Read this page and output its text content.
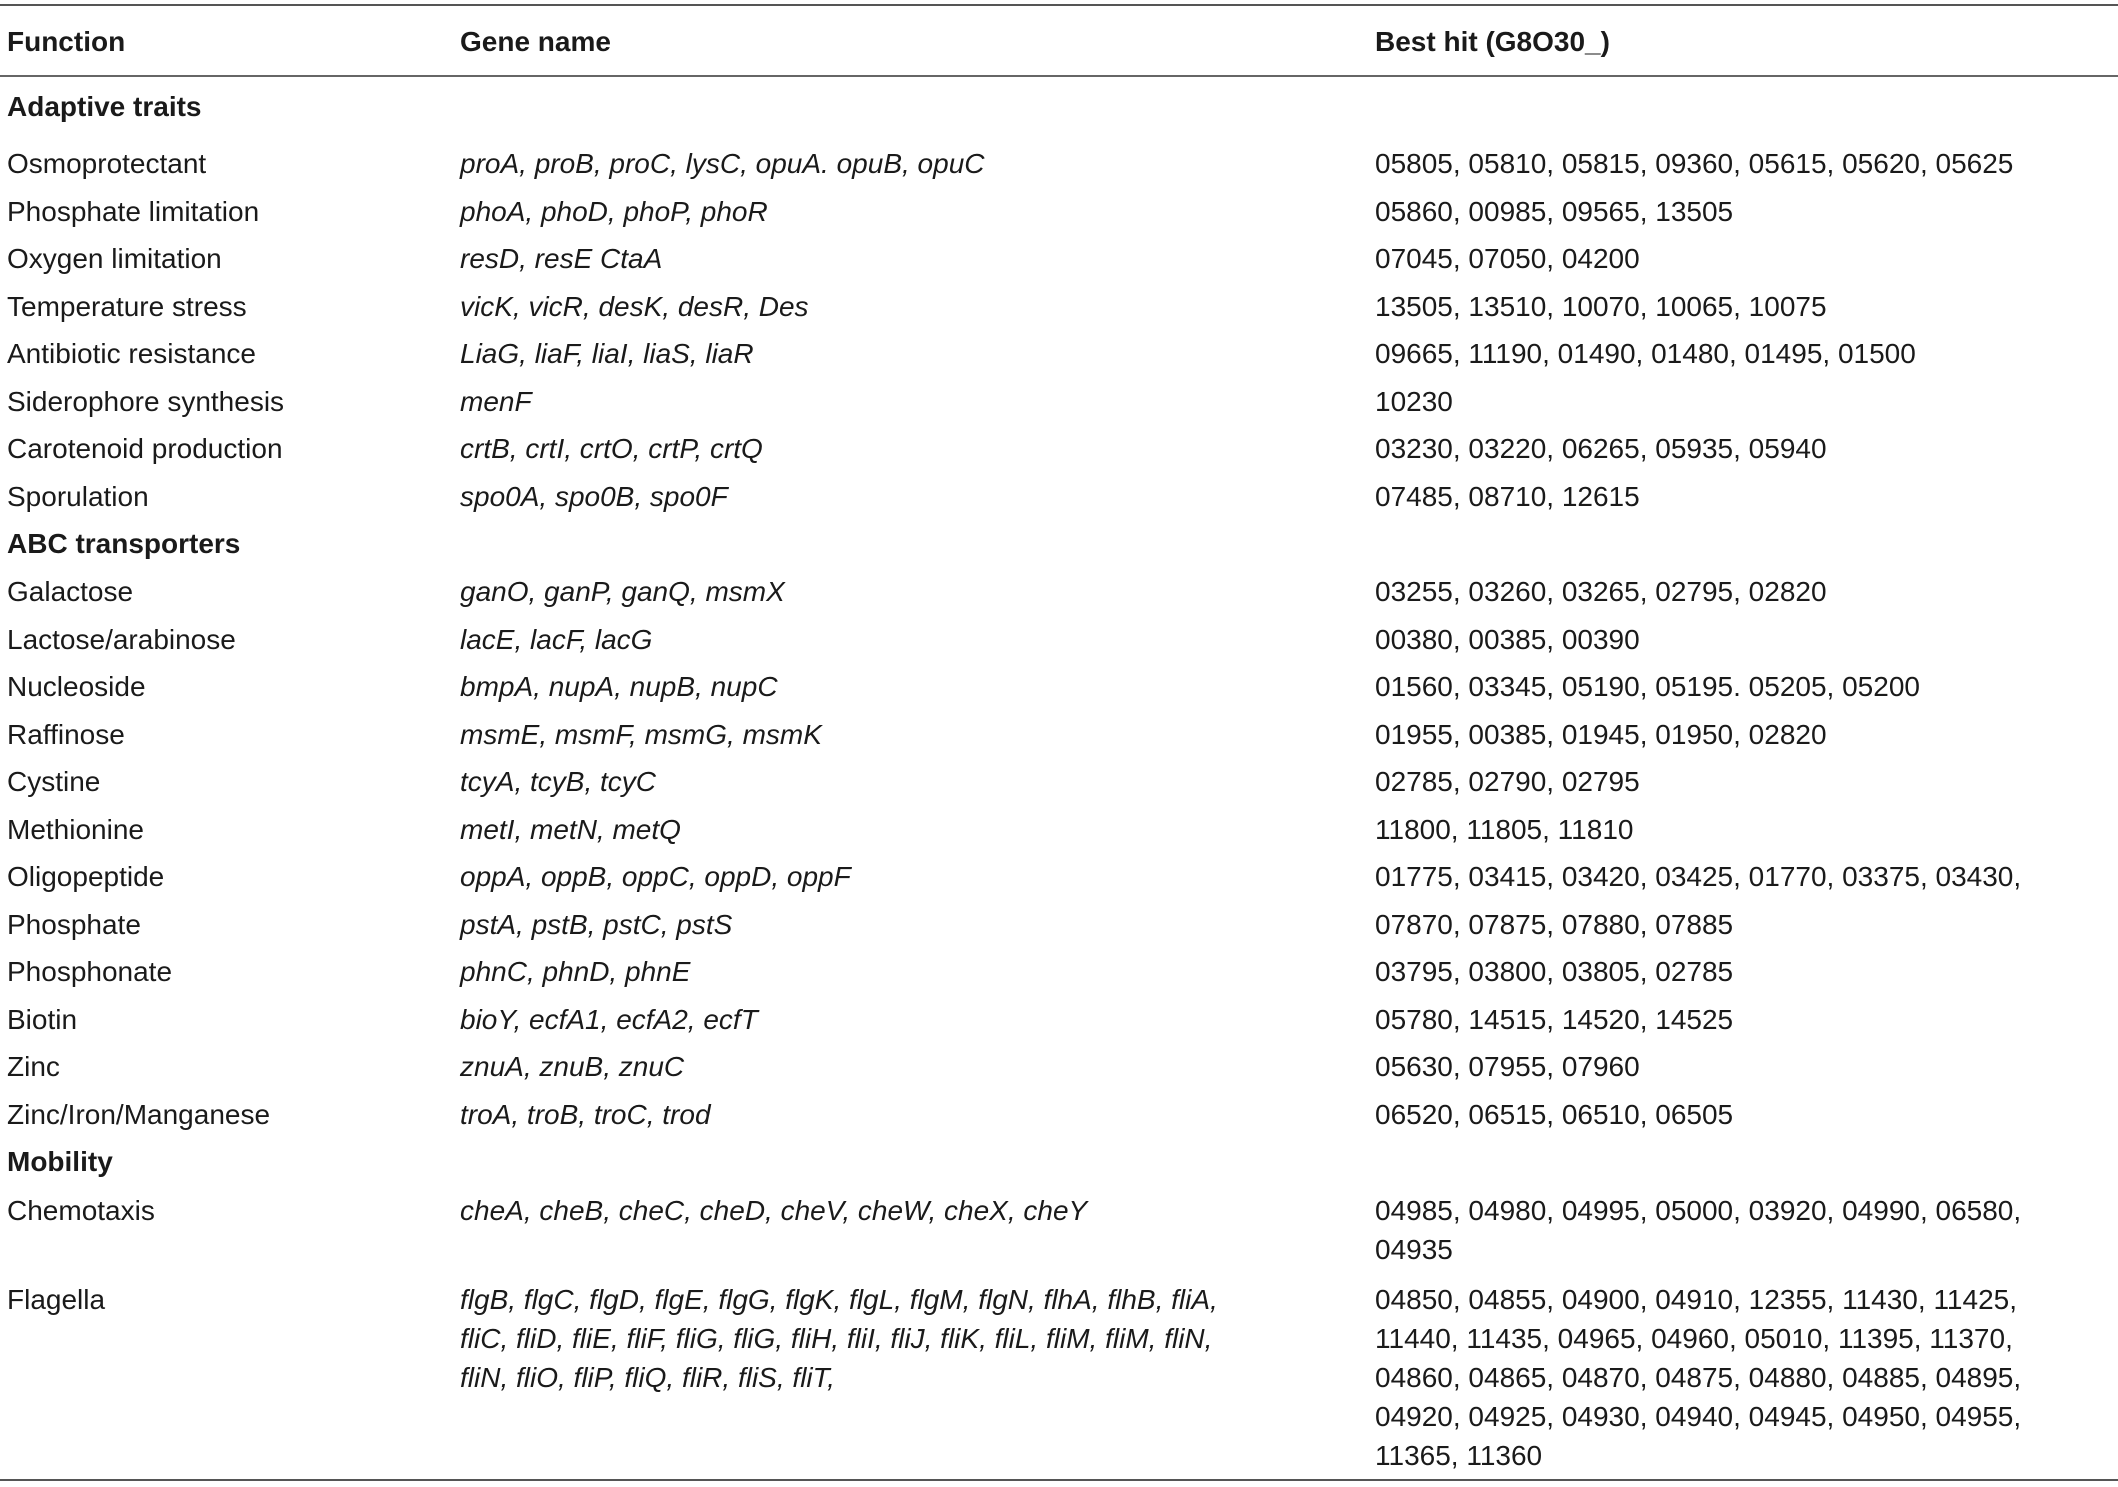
Function	Gene name	Best hit (G8O30_)
Adaptive traits		
Osmoprotectant	proA, proB, proC, lysC, opuA. opuB, opuC	05805, 05810, 05815, 09360, 05615, 05620, 05625
Phosphate limitation	phoA, phoD, phoP, phoR	05860, 00985, 09565, 13505
Oxygen limitation	resD, resE CtaA	07045, 07050, 04200
Temperature stress	vicK, vicR, desK, desR, Des	13505, 13510, 10070, 10065, 10075
Antibiotic resistance	LiaG, liaF, liaI, liaS, liaR	09665, 11190, 01490, 01480, 01495, 01500
Siderophore synthesis	menF	10230
Carotenoid production	crtB, crtI, crtO, crtP, crtQ	03230, 03220, 06265, 05935, 05940
Sporulation	spo0A, spo0B, spo0F	07485, 08710, 12615
ABC transporters		
Galactose	ganO, ganP, ganQ, msmX	03255, 03260, 03265, 02795, 02820
Lactose/arabinose	lacE, lacF, lacG	00380, 00385, 00390
Nucleoside	bmpA, nupA, nupB, nupC	01560, 03345, 05190, 05195. 05205, 05200
Raffinose	msmE, msmF, msmG, msmK	01955, 00385, 01945, 01950, 02820
Cystine	tcyA, tcyB, tcyC	02785, 02790, 02795
Methionine	metI, metN, metQ	11800, 11805, 11810
Oligopeptide	oppA, oppB, oppC, oppD, oppF	01775, 03415, 03420, 03425, 01770, 03375, 03430,
Phosphate	pstA, pstB, pstC, pstS	07870, 07875, 07880, 07885
Phosphonate	phnC, phnD, phnE	03795, 03800, 03805, 02785
Biotin	bioY, ecfA1, ecfA2, ecfT	05780, 14515, 14520, 14525
Zinc	znuA, znuB, znuC	05630, 07955, 07960
Zinc/Iron/Manganese	troA, troB, troC, trod	06520, 06515, 06510, 06505
Mobility		
Chemotaxis	cheA, cheB, cheC, cheD, cheV, cheW, cheX, cheY	04985, 04980, 04995, 05000, 03920, 04990, 06580, 04935
Flagella	flgB, flgC, flgD, flgE, flgG, flgK, flgL, flgM, flgN, flhA, flhB, fliA, fliC, fliD, fliE, fliF, fliG, fliG, fliH, fliI, fliJ, fliK, fliL, fliM, fliM, fliN, fliN, fliO, fliP, fliQ, fliR, fliS, fliT,	04850, 04855, 04900, 04910, 12355, 11430, 11425, 11440, 11435, 04965, 04960, 05010, 11395, 11370, 04860, 04865, 04870, 04875, 04880, 04885, 04895, 04920, 04925, 04930, 04940, 04945, 04950, 04955, 11365, 11360
